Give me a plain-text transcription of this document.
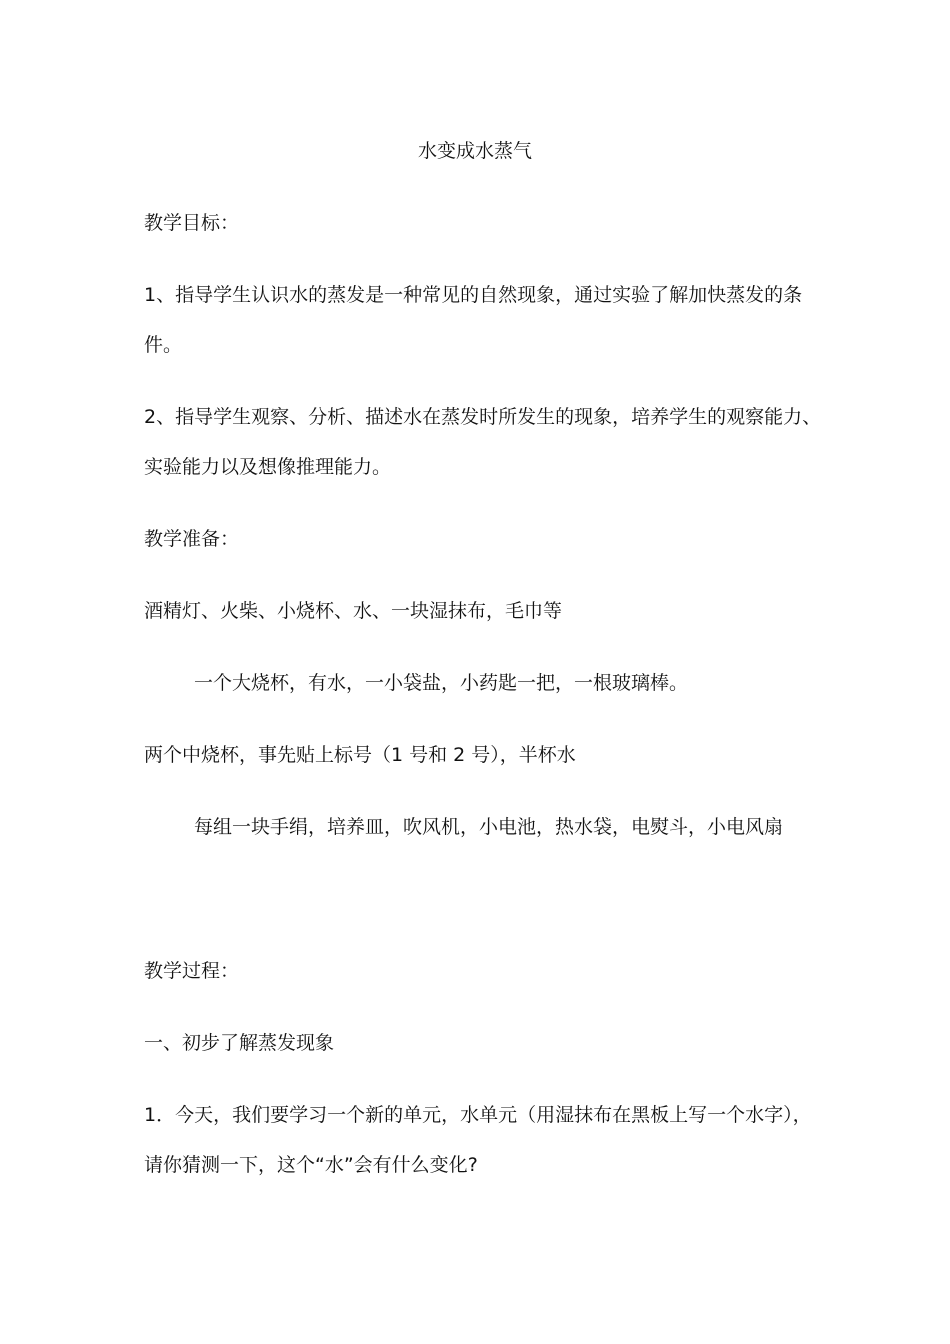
水变成水蒸气
教学目标：
1、指导学生认识水的蒸发是一种常见的自然现象，通过实验了解加快蒸发的条
件。
2、指导学生观察、分析、描述水在蒸发时所发生的现象，培养学生的观察能力、
实验能力以及想像推理能力。
教学准备：
酒精灯、火柴、小烧杯、水、一块湿抹布，毛巾等
一个大烧杯，有水，一小袋盐，小药匙一把，一根玻璃棒。
两个中烧杯，事先贴上标号（1 号和 2 号），半杯水
每组一块手绢，培养皿，吹风机，小电池，热水袋，电熨斗，小电风扇
教学过程：
一、初步了解蒸发现象
1．今天，我们要学习一个新的单元，水单元（用湿抹布在黑板上写一个水字），
请你猜测一下，这个“水”会有什么变化?
